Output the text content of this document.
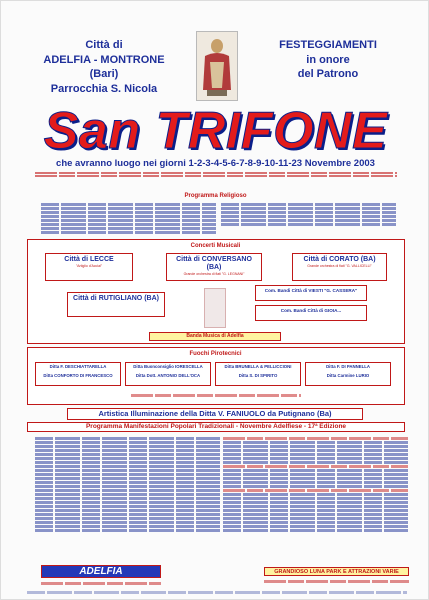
Città di
ADELFIA - MONTRONE
(Bari)
Parrocchia S. Nicola
FESTEGGIAMENTI
in onore
del Patrono
San TRIFONE
che avranno luogo nei giorni 1-2-3-4-5-6-7-8-9-10-11-23 Novembre 2003
Programma Religioso
Concerti Musicali
Città di LECCE
"Artiglio d'Acciai"
Città di CONVERSANO (BA)
Grande orchestra di fiati "G. LEGNANI"
Città di CORATO (BA)
Grande orchestra di fiati "G. VALLICELLI"
Città di RUTIGLIANO (BA)
Com. Bandi Città di VIESTI "G. CASSERA"
Com. Bandi Città di GIOIA...
Banda Musica di Adelfia
Fuochi Pirotecnici
Ditta F. DESCHIATTARELLA
Ditta CONFORTO DI FRANCESCO
Ditta Buonconsiglio IORESCELLA
Ditta Dott. ANTONIO DELL'OCA
Ditta BRUNELLA & PELLICCIONI
Ditta S. DI SPIRITO
Ditta F. DI PANNELLA
Ditta Carmine LURIO
Artistica Illuminazione della Ditta V. FANIUOLO da Putignano (Ba)
Programma Manifestazioni Popolari Tradizionali - Novembre Adelfiese - 17ª Edizione
ADELFIA	GRANDIOSO LUNA PARK E ATTRAZIONI VARIE
